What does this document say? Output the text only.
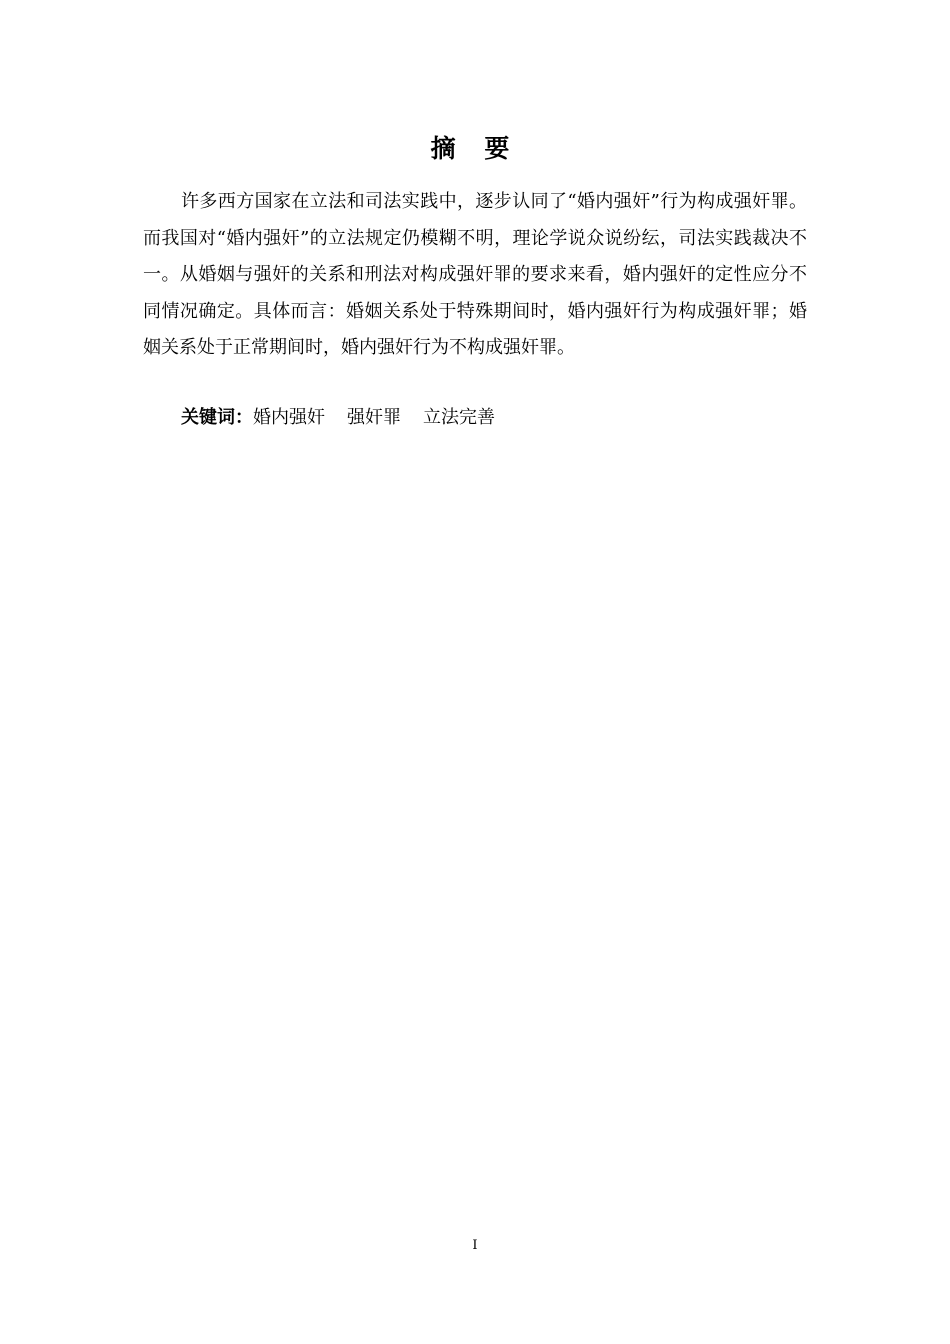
摘 要

许多西方国家在立法和司法实践中，逐步认同了“婚内强奸”行为构成强奸罪。而我国对“婚内强奸”的立法规定仍模糊不明，理论学说众说纷纭，司法实践裁决不一。从婚姻与强奸的关系和刑法对构成强奸罪的要求来看，婚内强奸的定性应分不同情况确定。具体而言：婚姻关系处于特殊期间时，婚内强奸行为构成强奸罪；婚姻关系处于正常期间时，婚内强奸行为不构成强奸罪。

关键词：婚内强奸 强奸罪 立法完善
I
